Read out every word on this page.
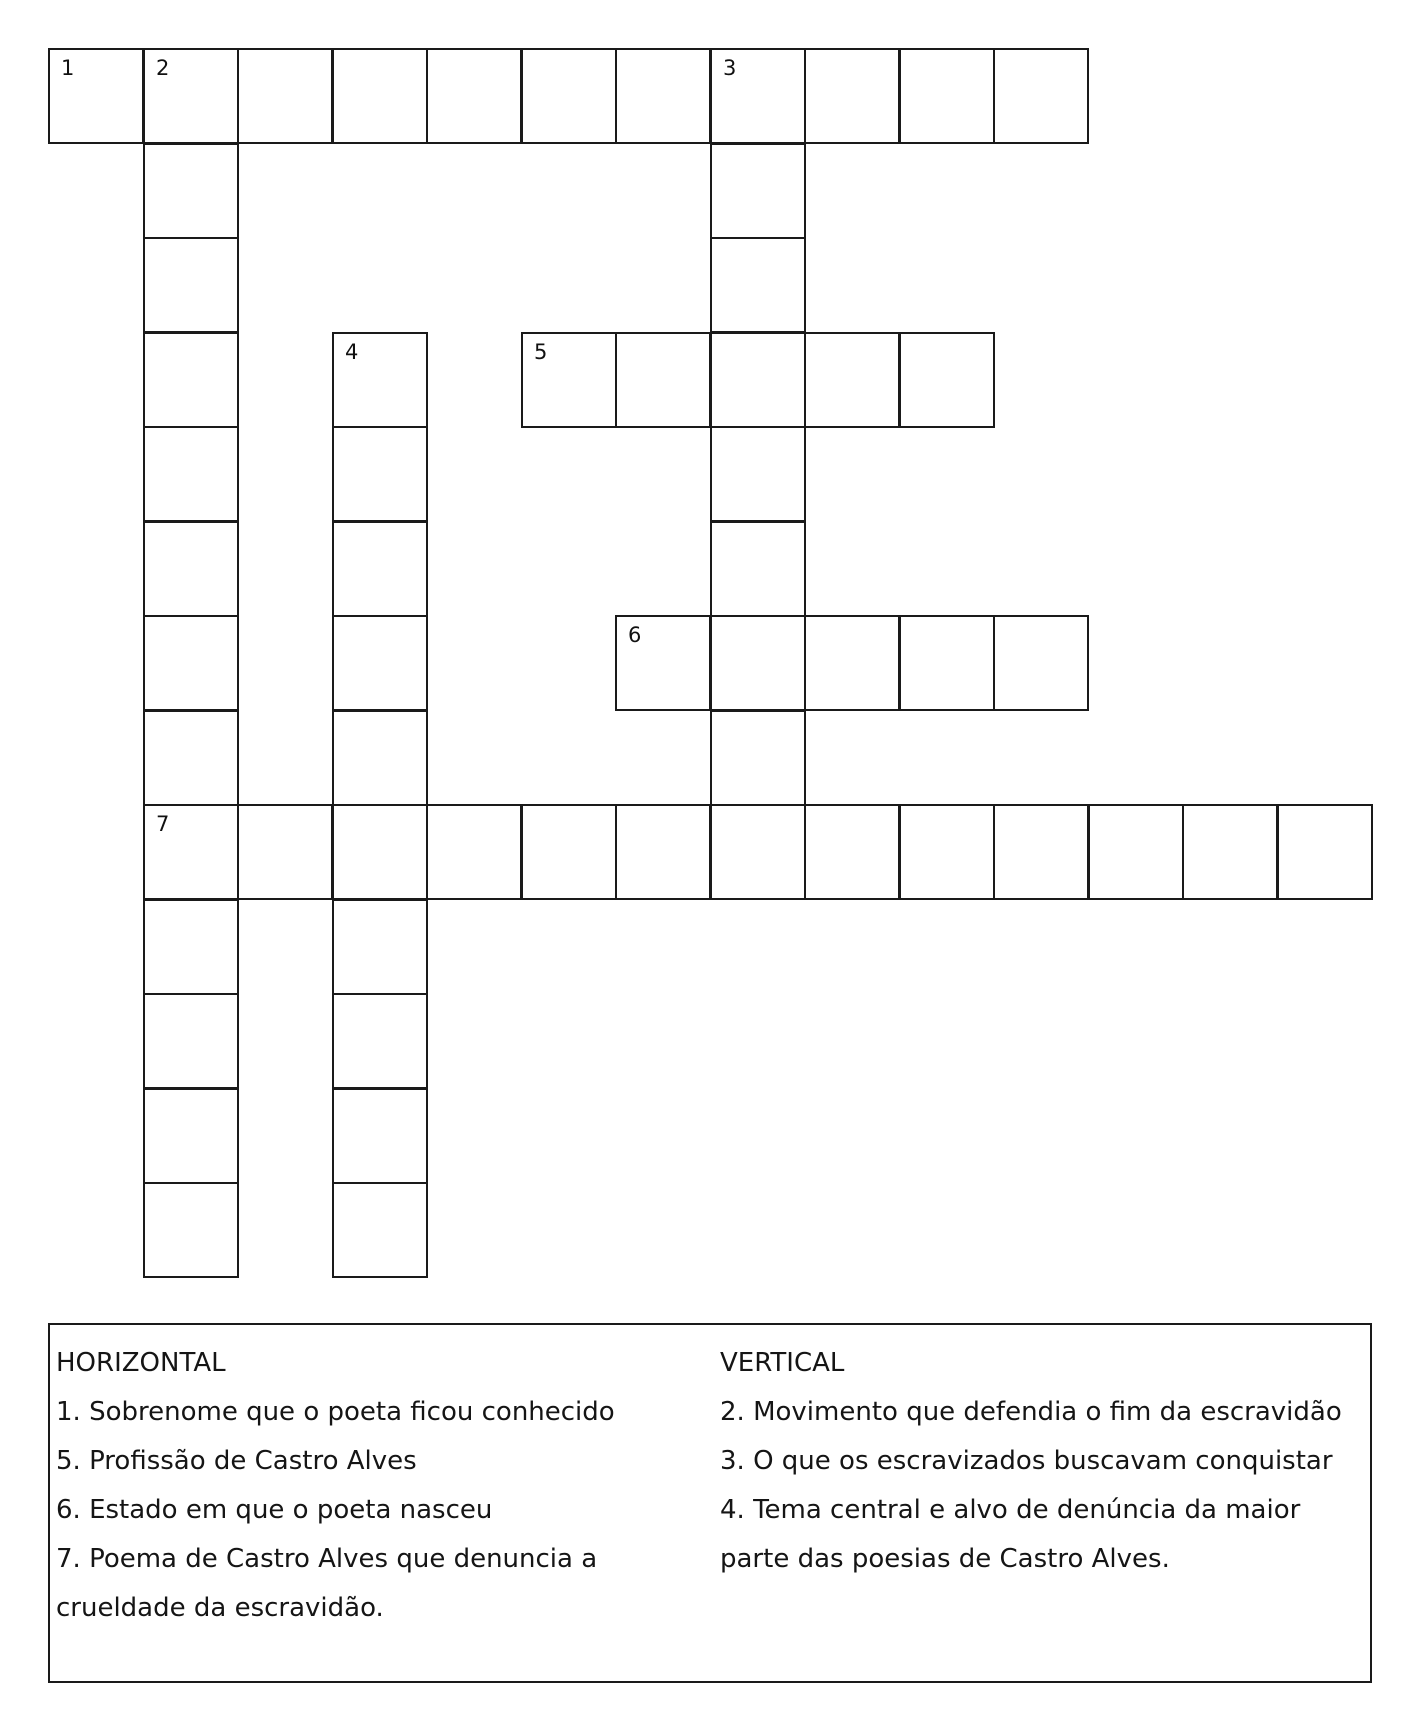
1	2	3
7
4	5
6
HORIZONTAL
1. Sobrenome que o poeta ficou conhecido
5. Profissão de Castro Alves
6. Estado em que o poeta nasceu
7. Poema de Castro Alves que denuncia a
crueldade da escravidão.
VERTICAL
2. Movimento que defendia o fim da escravidão
3. O que os escravizados buscavam conquistar
4. Tema central e alvo de denúncia da maior
parte das poesias de Castro Alves.
